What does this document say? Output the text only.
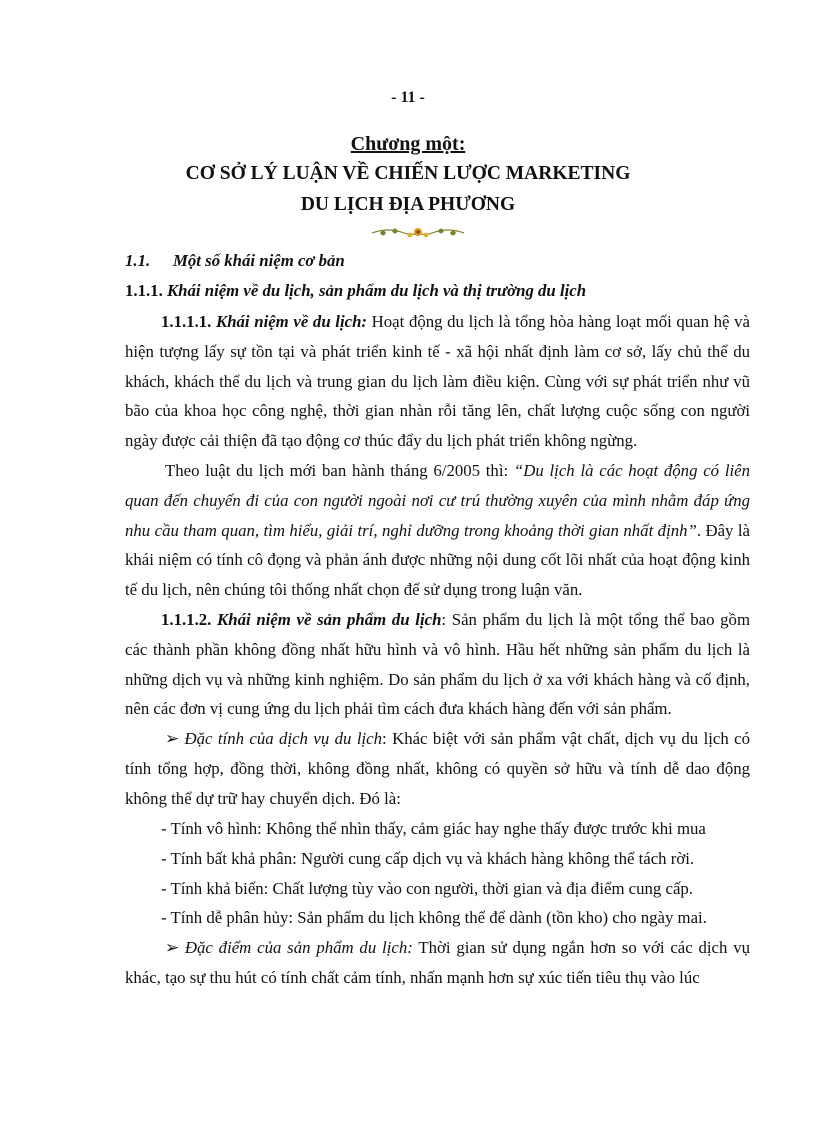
- 11 -
Chương một:
CƠ SỞ LÝ LUẬN VỀ CHIẾN LƯỢC MARKETING
DU LỊCH ĐỊA PHƯƠNG
1.1. Một số khái niệm cơ bản
1.1.1. Khái niệm về du lịch, sản phẩm du lịch và thị trường du lịch
1.1.1.1. Khái niệm về du lịch: Hoạt động du lịch là tổng hòa hàng loạt mối quan hệ và hiện tượng lấy sự tồn tại và phát triển kinh tế - xã hội nhất định làm cơ sở, lấy chủ thể du khách, khách thể du lịch và trung gian du lịch làm điều kiện. Cùng với sự phát triển như vũ bão của khoa học công nghệ, thời gian nhàn rỗi tăng lên, chất lượng cuộc sống con người ngày được cải thiện đã tạo động cơ thúc đẩy du lịch phát triển không ngừng.
Theo luật du lịch mới ban hành tháng 6/2005 thì: “Du lịch là các hoạt động có liên quan đến chuyến đi của con người ngoài nơi cư trú thường xuyên của mình nhằm đáp ứng nhu cầu tham quan, tìm hiểu, giải trí, nghỉ dưỡng trong khoảng thời gian nhất định”. Đây là khái niệm có tính cô đọng và phản ánh được những nội dung cốt lõi nhất của hoạt động kinh tế du lịch, nên chúng tôi thống nhất chọn để sử dụng trong luận văn.
1.1.1.2. Khái niệm về sản phẩm du lịch: Sản phẩm du lịch là một tổng thể bao gồm các thành phần không đồng nhất hữu hình và vô hình. Hầu hết những sản phẩm du lịch là những dịch vụ và những kinh nghiệm. Do sản phẩm du lịch ở xa với khách hàng và cố định, nên các đơn vị cung ứng du lịch phải tìm cách đưa khách hàng đến với sản phẩm.
➢ Đặc tính của dịch vụ du lịch: Khác biệt với sản phẩm vật chất, dịch vụ du lịch có tính tổng hợp, đồng thời, không đồng nhất, không có quyền sở hữu và tính dễ dao động không thể dự trữ hay chuyển dịch. Đó là:
- Tính vô hình: Không thể nhìn thấy, cảm giác hay nghe thấy được trước khi mua
- Tính bất khả phân: Người cung cấp dịch vụ và khách hàng không thể tách rời.
- Tính khả biến: Chất lượng tùy vào con người, thời gian và địa điểm cung cấp.
- Tính dễ phân hủy: Sản phẩm du lịch không thể để dành (tồn kho) cho ngày mai.
➢ Đặc điểm của sản phẩm du lịch: Thời gian sử dụng ngắn hơn so với các dịch vụ khác, tạo sự thu hút có tính chất cảm tính, nhấn mạnh hơn sự xúc tiến tiêu thụ vào lúc
